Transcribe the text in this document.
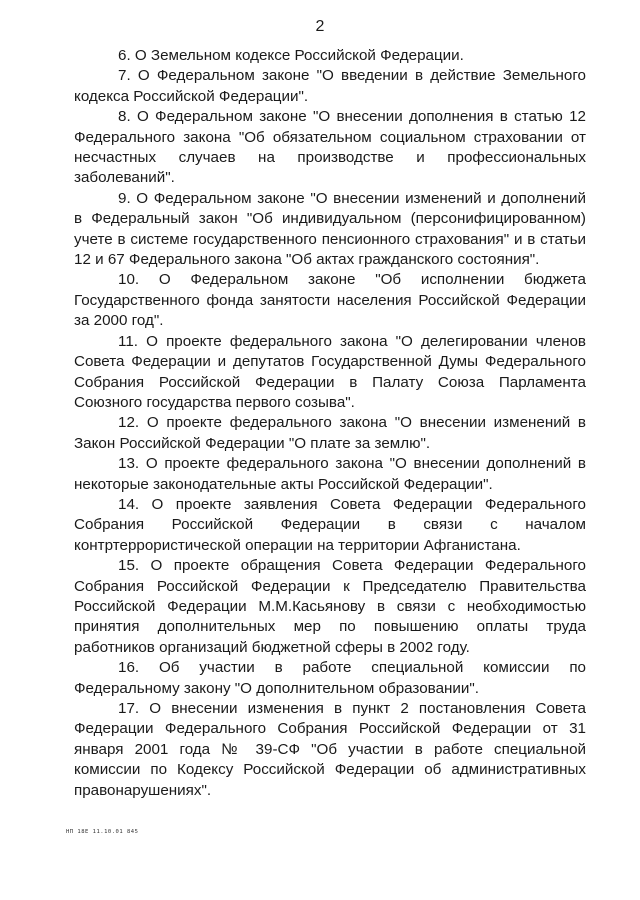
2

6. О Земельном кодексе Российской Федерации.

7. О Федеральном законе "О введении в действие Земельного кодекса Российской Федерации".

8. О Федеральном законе "О внесении дополнения в статью 12 Федерального закона "Об обязательном социальном страховании от несчастных случаев на производстве и профессиональных заболеваний".

9. О Федеральном законе "О внесении изменений и дополнений в Федеральный закон "Об индивидуальном (персонифицированном) учете в системе государственного пенсионного страхования" и в статьи 12 и 67 Федерального закона "Об актах гражданского состояния".

10. О Федеральном законе "Об исполнении бюджета Государственного фонда занятости населения Российской Федерации за 2000 год".

11. О проекте федерального закона "О делегировании членов Совета Федерации и депутатов Государственной Думы Федерального Собрания Российской Федерации в Палату Союза Парламента Союзного государства первого созыва".

12. О проекте федерального закона "О внесении изменений в Закон Российской Федерации "О плате за землю".

13. О проекте федерального закона "О внесении дополнений в некоторые законодательные акты Российской Федерации".

14. О проекте заявления Совета Федерации Федерального Собрания Российской Федерации в связи с началом контртеррористической операции на территории Афганистана.

15. О проекте обращения Совета Федерации Федерального Собрания Российской Федерации к Председателю Правительства Российской Федерации М.М.Касьянову в связи с необходимостью принятия дополнительных мер по повышению оплаты труда работников организаций бюджетной сферы в 2002 году.

16. Об участии в работе специальной комиссии по Федеральному закону "О дополнительном образовании".

17. О внесении изменения в пункт 2 постановления Совета Федерации Федерального Собрания Российской Федерации от 31 января 2001 года № 39-СФ "Об участии в работе специальной комиссии по Кодексу Российской Федерации об административных правонарушениях".

НП 18Е 11.10.01 845
